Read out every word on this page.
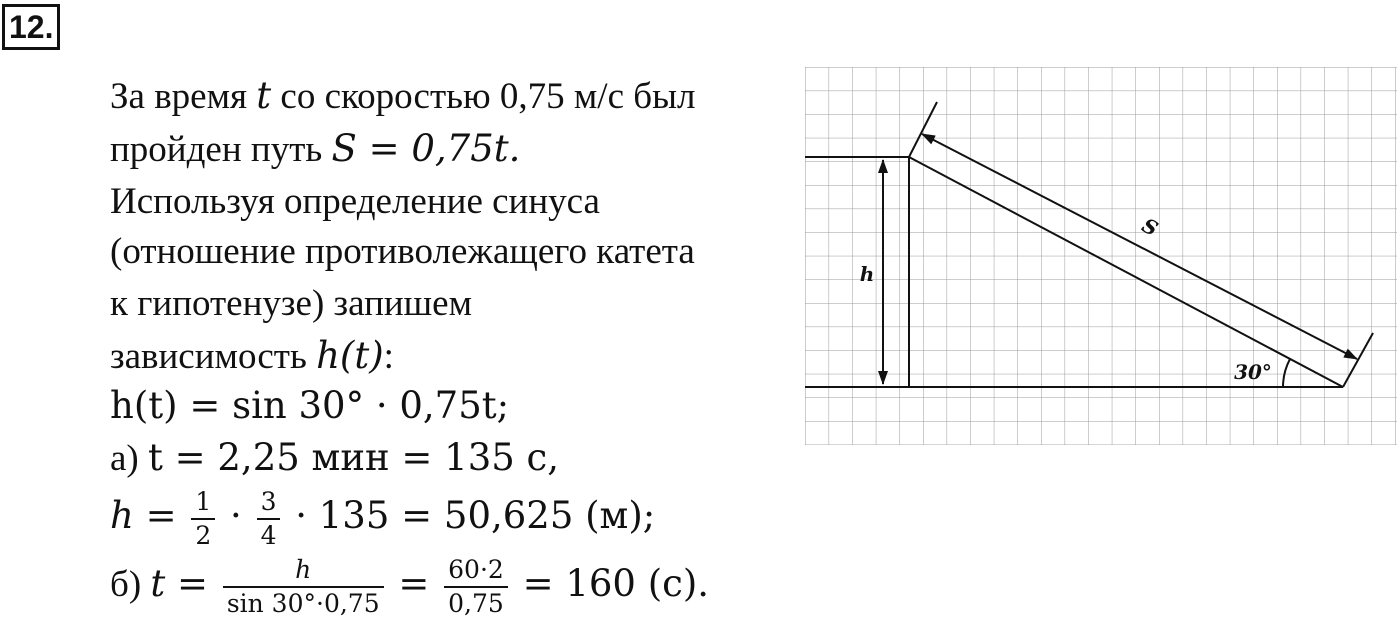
12.
За время t со скоростью 0,75 м/с был
пройден путь S = 0,75t.
Используя определение синуса
(отношение противолежащего катета
к гипотенузе) запишем
зависимость h(t):
h(t) = sin 30° · 0,75t;
а) t = 2,25 мин = 135 с,
$h = \frac{1}{2} \cdot \frac{3}{4} \cdot 135 = 50,625$ (м);
б) $t = \frac{h}{\sin 30^\circ\cdot 0,75} = \frac{60\cdot 2}{0,75} = 160$ (с).
S
h
30°
